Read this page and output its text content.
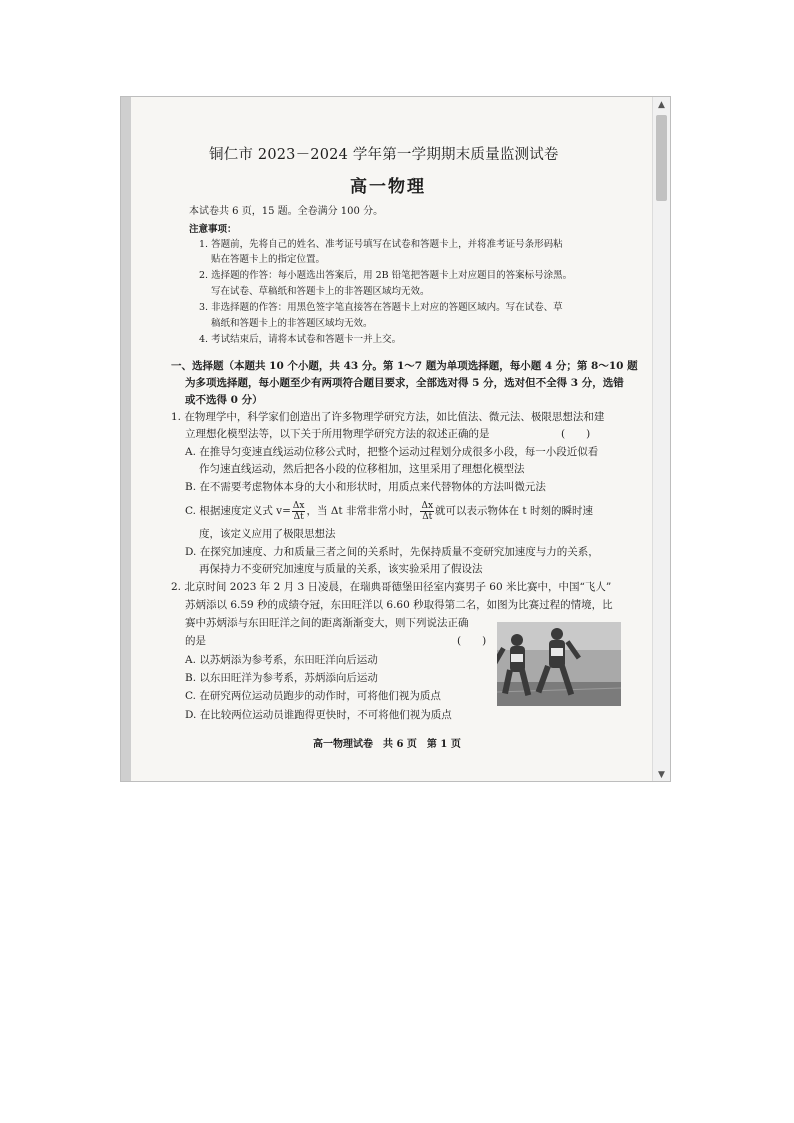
铜仁市 2023－2024 学年第一学期期末质量监测试卷
高一物理
本试卷共 6 页，15 题。全卷满分 100 分。
注意事项：
1. 答题前，先将自己的姓名、准考证号填写在试卷和答题卡上，并将准考证号条形码粘
贴在答题卡上的指定位置。
2. 选择题的作答：每小题选出答案后，用 2B 铅笔把答题卡上对应题目的答案标号涂黑。
写在试卷、草稿纸和答题卡上的非答题区域均无效。
3. 非选择题的作答：用黑色签字笔直接答在答题卡上对应的答题区域内。写在试卷、草
稿纸和答题卡上的非答题区域均无效。
4. 考试结束后，请将本试卷和答题卡一并上交。
一、选择题（本题共 10 个小题，共 43 分。第 1～7 题为单项选择题，每小题 4 分；第 8～10 题
为多项选择题，每小题至少有两项符合题目要求，全部选对得 5 分，选对但不全得 3 分，选错
或不选得 0 分）
1. 在物理学中，科学家们创造出了许多物理学研究方法，如比值法、微元法、极限思想法和建
立理想化模型法等，以下关于所用物理学研究方法的叙述正确的是	(　　)
A. 在推导匀变速直线运动位移公式时，把整个运动过程划分成很多小段，每一小段近似看
作匀速直线运动，然后把各小段的位移相加，这里采用了理想化模型法
B. 在不需要考虑物体本身的大小和形状时，用质点来代替物体的方法叫微元法
C. 根据速度定义式 $v= \frac{\Delta x}{\Delta t}$ ，当 Δt 非常非常小时， $\frac{\Delta x}{\Delta t}$ 就可以表示物体在 t 时刻的瞬时速
度，该定义应用了极限思想法
D. 在探究加速度、力和质量三者之间的关系时，先保持质量不变研究加速度与力的关系，
再保持力不变研究加速度与质量的关系，该实验采用了假设法
2. 北京时间 2023 年 2 月 3 日凌晨，在瑞典哥德堡田径室内赛男子 60 米比赛中，中国“飞人”
苏炳添以 6.59 秒的成绩夺冠，东田旺洋以 6.60 秒取得第二名，如图为比赛过程的情境，比
赛中苏炳添与东田旺洋之间的距离渐渐变大，则下列说法正确
的是	(　　)
A. 以苏炳添为参考系，东田旺洋向后运动
B. 以东田旺洋为参考系，苏炳添向后运动
C. 在研究两位运动员跑步的动作时，可将他们视为质点
D. 在比较两位运动员谁跑得更快时，不可将他们视为质点
高一物理试卷　共 6 页　第 1 页
▲
▼
